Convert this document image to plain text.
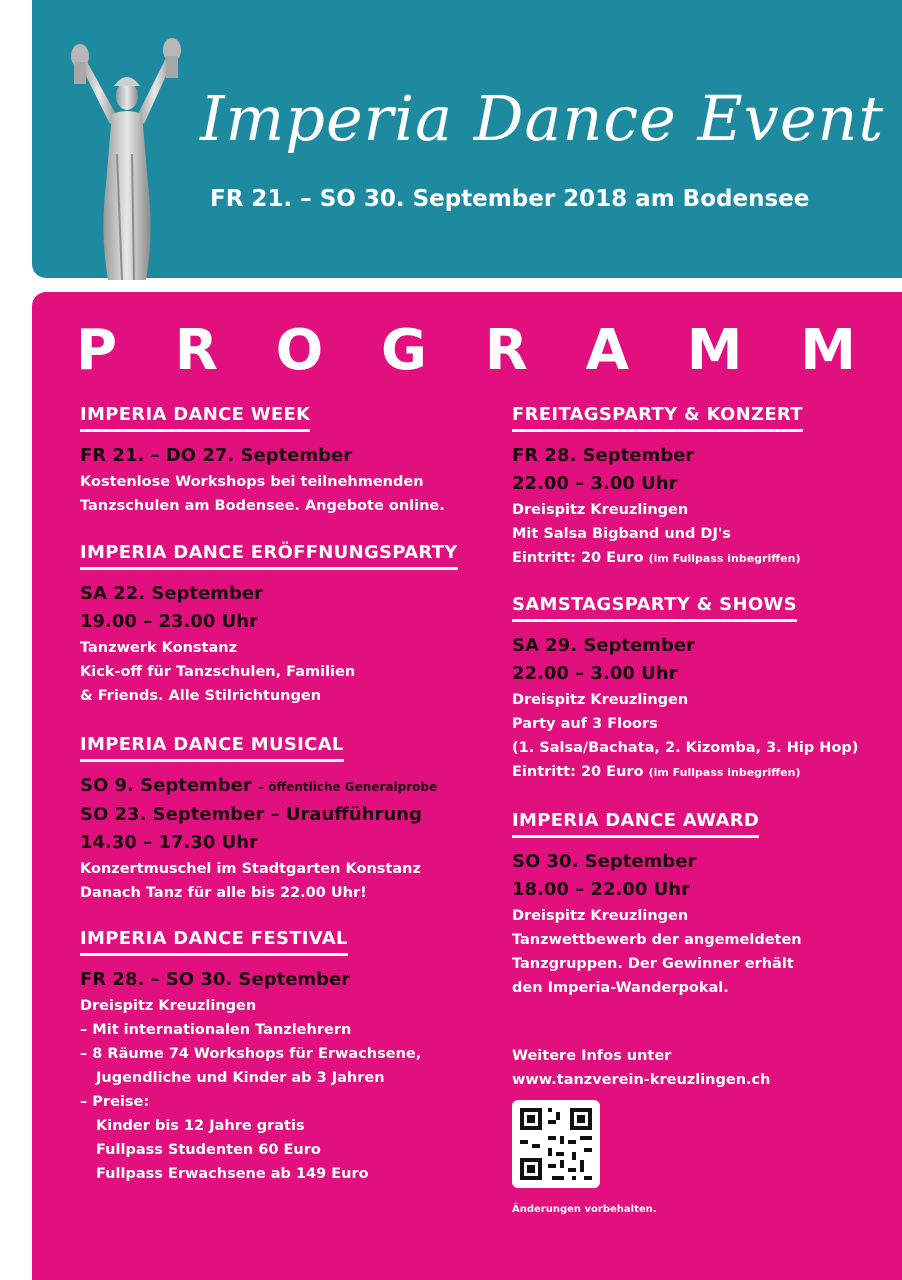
Imperia Dance Event
FR 21. – SO 30. September 2018 am Bodensee
P R O G R A M M
IMPERIA DANCE WEEK
FR 21. – DO 27. September
Kostenlose Workshops bei teilnehmenden
Tanzschulen am Bodensee. Angebote online.
IMPERIA DANCE ERÖFFNUNGSPARTY
SA 22. September
19.00 – 23.00 Uhr
Tanzwerk Konstanz
Kick-off für Tanzschulen, Familien
& Friends. Alle Stilrichtungen
IMPERIA DANCE MUSICAL
SO 9. September – öffentliche Generalprobe
SO 23. September – Uraufführung
14.30 – 17.30 Uhr
Konzertmuschel im Stadtgarten Konstanz
Danach Tanz für alle bis 22.00 Uhr!
IMPERIA DANCE FESTIVAL
FR 28. – SO 30. September
Dreispitz Kreuzlingen
– Mit internationalen Tanzlehrern
– 8 Räume 74 Workshops für Erwachsene,
Jugendliche und Kinder ab 3 Jahren
– Preise:
Kinder bis 12 Jahre gratis
Fullpass Studenten 60 Euro
Fullpass Erwachsene ab 149 Euro
FREITAGSPARTY & KONZERT
FR 28. September
22.00 – 3.00 Uhr
Dreispitz Kreuzlingen
Mit Salsa Bigband und DJ's
Eintritt: 20 Euro (im Fullpass inbegriffen)
SAMSTAGSPARTY & SHOWS
SA 29. September
22.00 – 3.00 Uhr
Dreispitz Kreuzlingen
Party auf 3 Floors
(1. Salsa/Bachata, 2. Kizomba, 3. Hip Hop)
Eintritt: 20 Euro (im Fullpass inbegriffen)
IMPERIA DANCE AWARD
SO 30. September
18.00 – 22.00 Uhr
Dreispitz Kreuzlingen
Tanzwettbewerb der angemeldeten
Tanzgruppen. Der Gewinner erhält
den Imperia-Wanderpokal.
Weitere Infos unter
www.tanzverein-kreuzlingen.ch
Änderungen vorbehalten.
